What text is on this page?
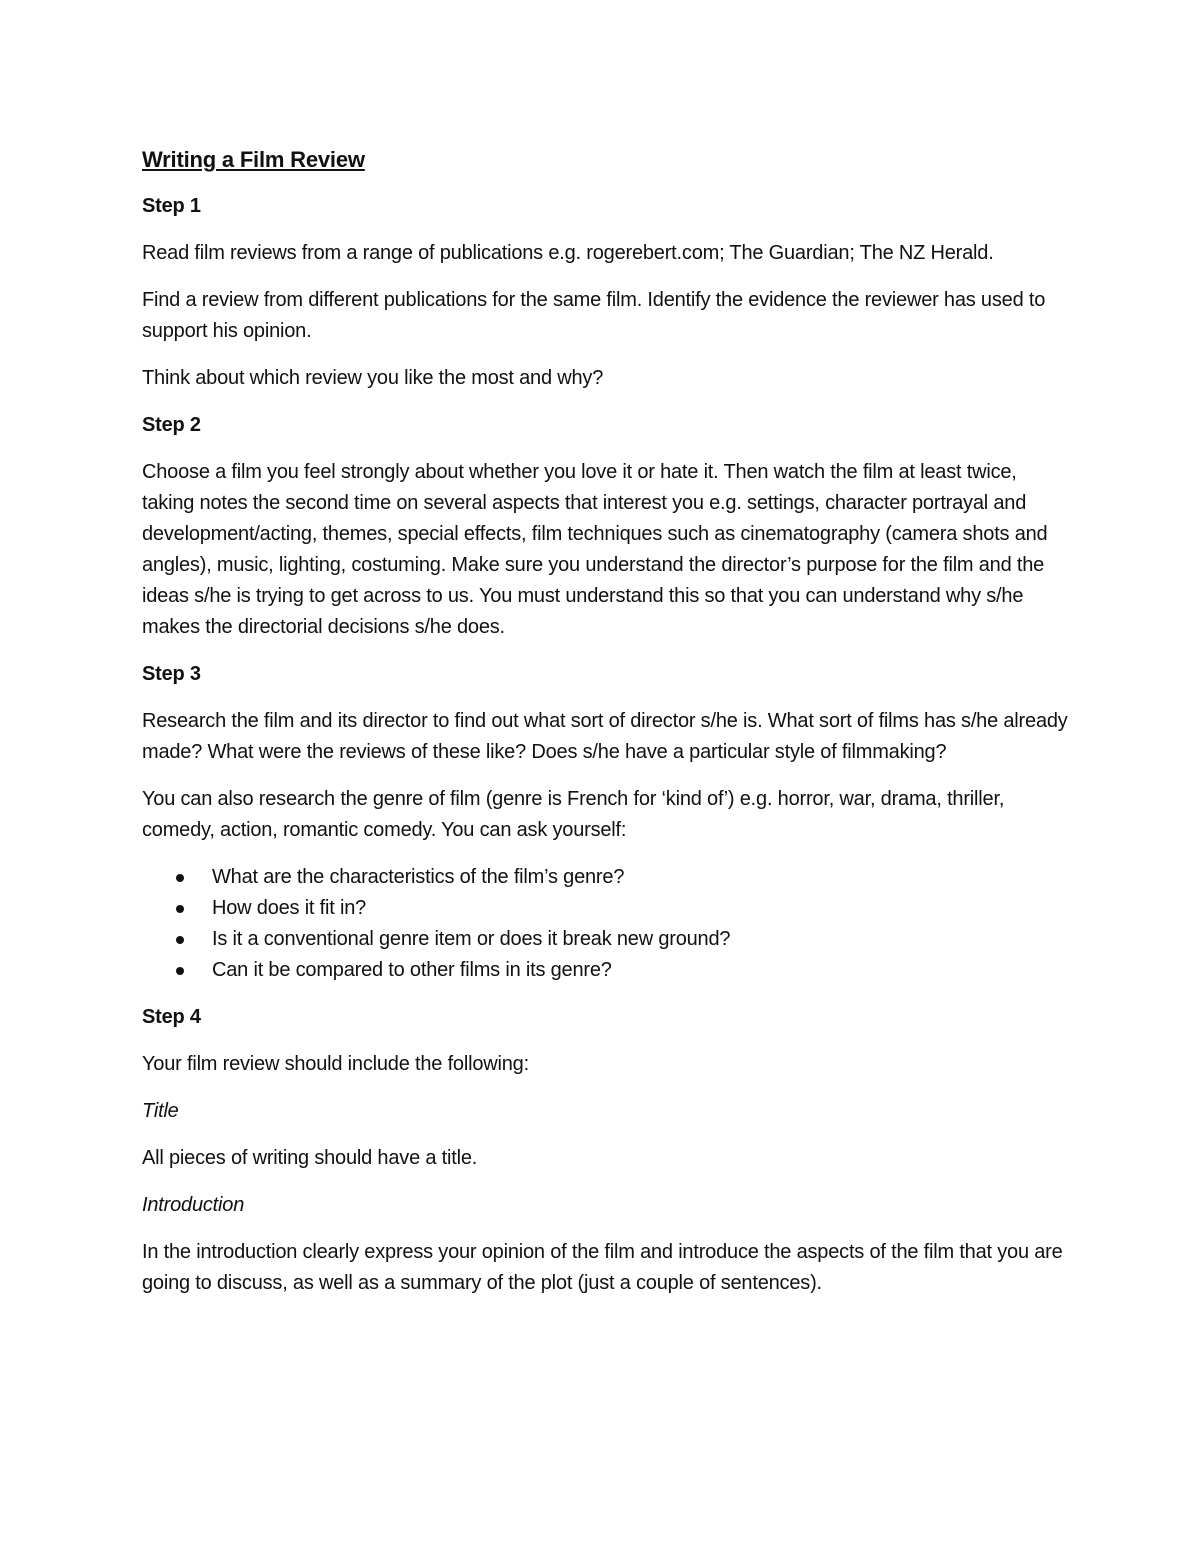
Writing a Film Review
Step 1

Read film reviews from a range of publications e.g. rogerebert.com; The Guardian; The NZ Herald.

Find a review from different publications for the same film. Identify the evidence the reviewer has used to support his opinion.

Think about which review you like the most and why?

Step 2

Choose a film you feel strongly about whether you love it or hate it. Then watch the film at least twice, taking notes the second time on several aspects that interest you e.g. settings, character portrayal and development/acting, themes, special effects, film techniques such as cinematography (camera shots and angles), music, lighting, costuming. Make sure you understand the director’s purpose for the film and the ideas s/he is trying to get across to us. You must understand this so that you can understand why s/he makes the directorial decisions s/he does.

Step 3

Research the film and its director to find out what sort of director s/he is. What sort of films has s/he already made? What were the reviews of these like? Does s/he have a particular style of filmmaking?

You can also research the genre of film (genre is French for ‘kind of’) e.g. horror, war, drama, thriller, comedy, action, romantic comedy. You can ask yourself:

What are the characteristics of the film’s genre?
How does it fit in?
Is it a conventional genre item or does it break new ground?
Can it be compared to other films in its genre?
Step 4

Your film review should include the following:

Title

All pieces of writing should have a title.

Introduction

In the introduction clearly express your opinion of the film and introduce the aspects of the film that you are going to discuss, as well as a summary of the plot (just a couple of sentences).
